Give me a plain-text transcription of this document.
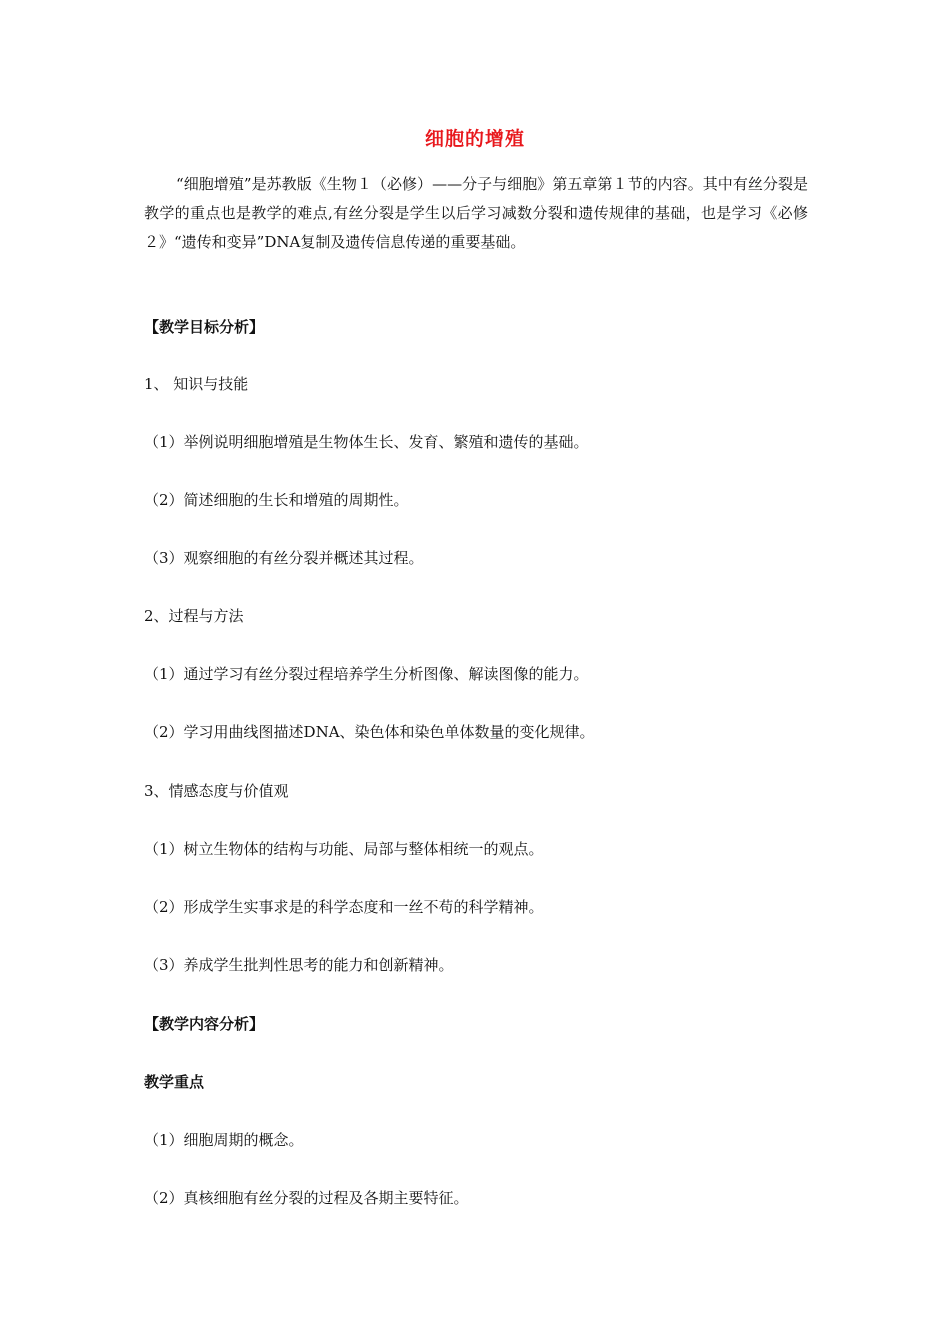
细胞的增殖

“细胞增殖”是苏教版《生物１（必修）——分子与细胞》第五章第１节的内容。其中有丝分裂是教学的重点也是教学的难点,有丝分裂是学生以后学习减数分裂和遗传规律的基础，也是学习《必修２》“遗传和变异”DNA复制及遗传信息传递的重要基础。

【教学目标分析】
1、 知识与技能
（1）举例说明细胞增殖是生物体生长、发育、繁殖和遗传的基础。
（2）简述细胞的生长和增殖的周期性。
（3）观察细胞的有丝分裂并概述其过程。
2、过程与方法
（1）通过学习有丝分裂过程培养学生分析图像、解读图像的能力。
（2）学习用曲线图描述DNA、染色体和染色单体数量的变化规律。
3、情感态度与价值观
（1）树立生物体的结构与功能、局部与整体相统一的观点。
（2）形成学生实事求是的科学态度和一丝不苟的科学精神。
（3）养成学生批判性思考的能力和创新精神。
【教学内容分析】
教学重点
（1）细胞周期的概念。
（2）真核细胞有丝分裂的过程及各期主要特征。
